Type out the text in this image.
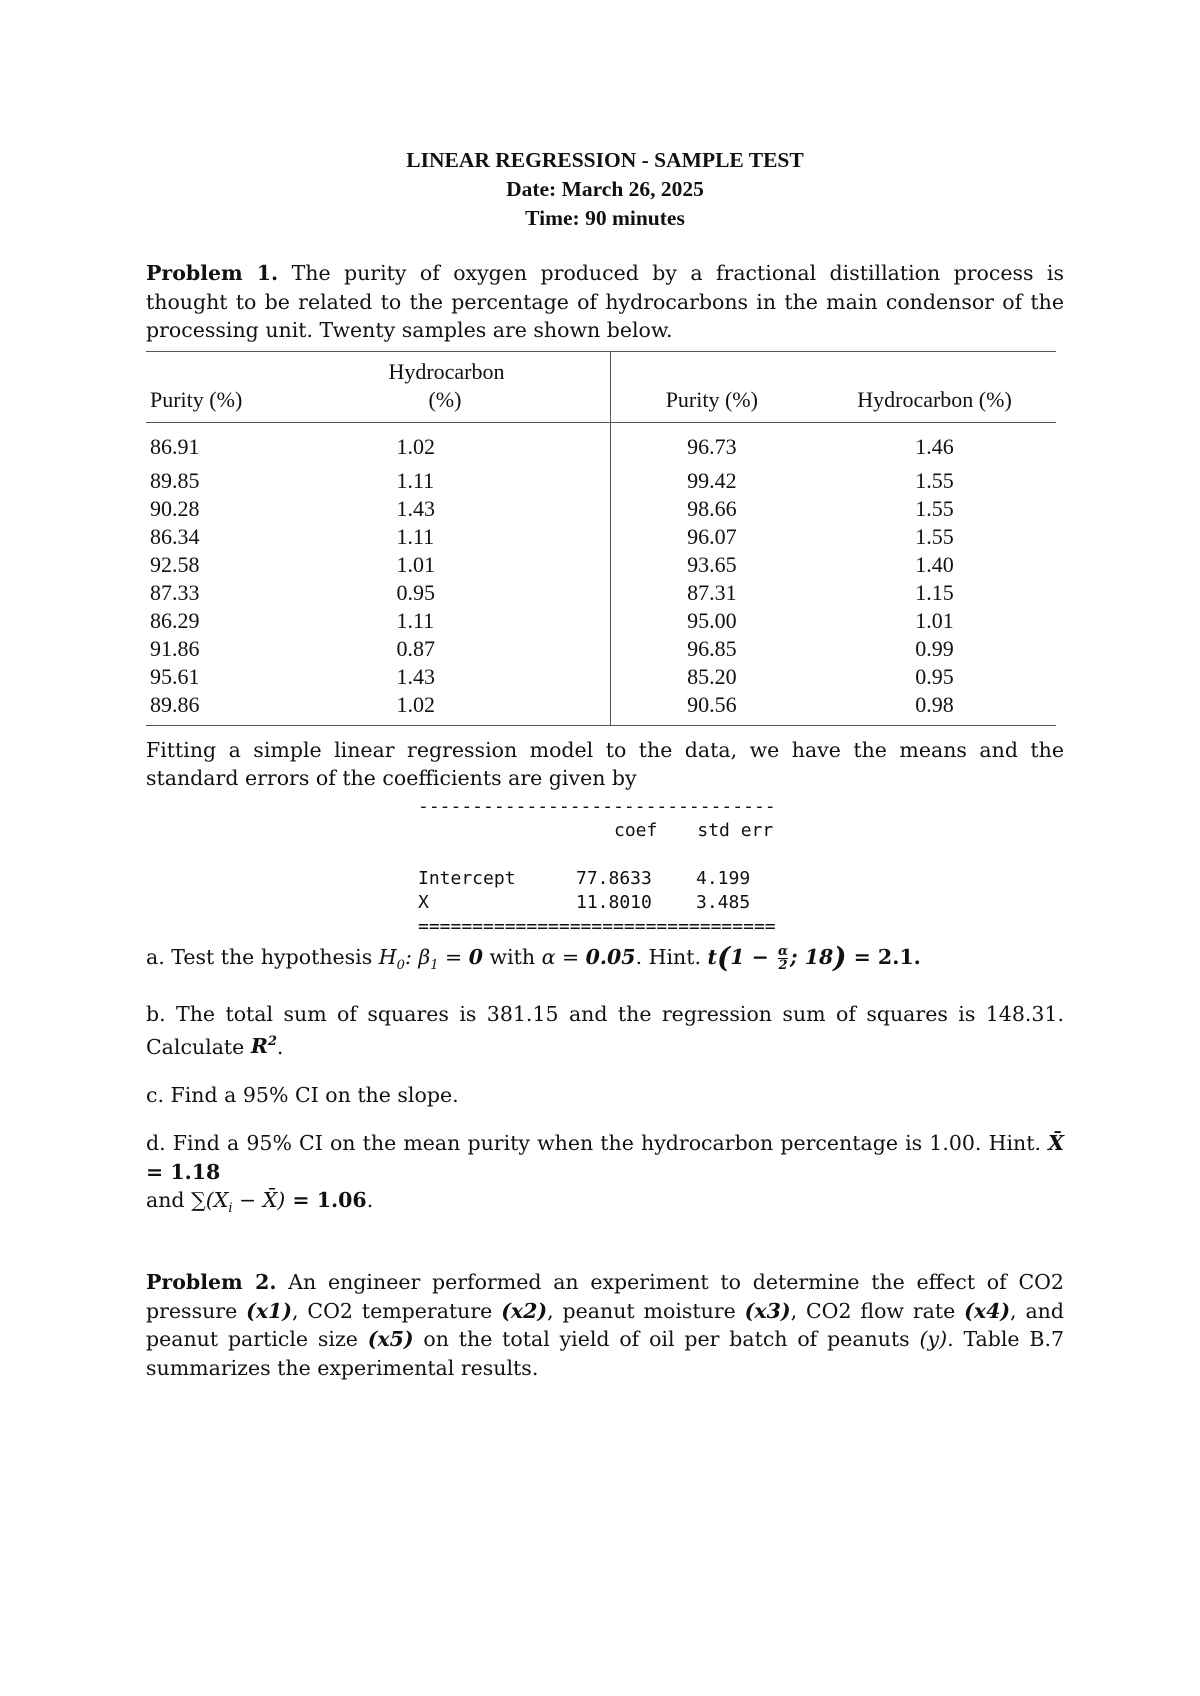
LINEAR REGRESSION - SAMPLE TEST
Date: March 26, 2025
Time: 90 minutes
Problem 1. The purity of oxygen produced by a fractional distillation process is thought to be related to the percentage of hydrocarbons in the main condensor of the processing unit. Twenty samples are shown below.
Purity (%)	Hydrocarbon
(%)	Purity (%)	Hydrocarbon (%)
86.91	1.02	96.73	1.46
89.85	1.11	99.42	1.55
90.28	1.43	98.66	1.55
86.34	1.11	96.07	1.55
92.58	1.01	93.65	1.40
87.33	0.95	87.31	1.15
86.29	1.11	95.00	1.01
91.86	0.87	96.85	0.99
95.61	1.43	85.20	0.95
89.86	1.02	90.56	0.98
Fitting a simple linear regression model to the data, we have the means and the standard errors of the coefficients are given by
---------------------------------
coef std err

Intercept	77.8633 4.199
X	11.8010 3.485
=================================
a. Test the hypothesis $H_0$: $\beta_1 = 0$ with α = 0.05. Hint. $t(1 - \frac{\alpha}{2}$ ; 18) = 2.1.
b. The total sum of squares is 381.15 and the regression sum of squares is 148.31. Calculate $R^2$.
c. Find a 95% CI on the slope.
d. Find a 95% CI on the mean purity when the hydrocarbon percentage is 1.00. Hint. X̄ = 1.18
and $\sum(X_i$ − X̄) = 1.06.
Problem 2. An engineer performed an experiment to determine the effect of CO2 pressure (x1), CO2 temperature (x2), peanut moisture (x3), CO2 flow rate (x4), and peanut particle size (x5) on the total yield of oil per batch of peanuts (y). Table B.7 summarizes the experimental results.
